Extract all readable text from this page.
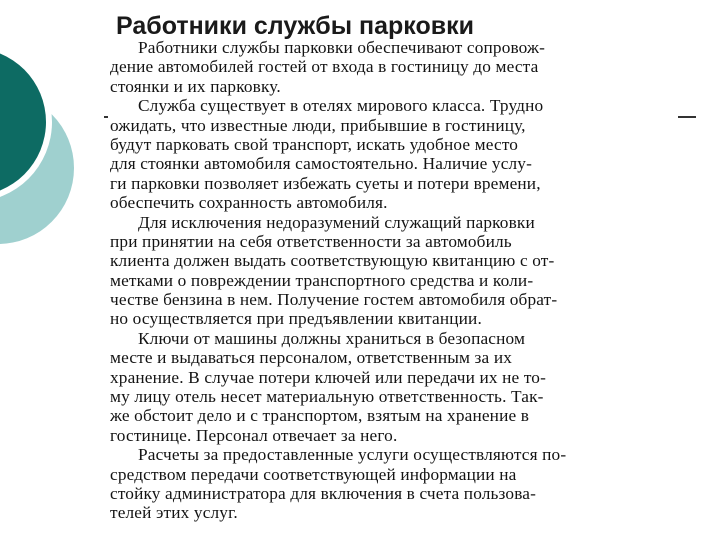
Работники службы парковки
Работники службы парковки обеспечивают сопровож-
дение автомобилей гостей от входа в гостиницу до места
стоянки и их парковку.
Служба существует в отелях мирового класса. Трудно
ожидать, что известные люди, прибывшие в гостиницу,
будут парковать свой транспорт, искать удобное место
для стоянки автомобиля самостоятельно. Наличие услу-
ги парковки позволяет избежать суеты и потери времени,
обеспечить сохранность автомобиля.
Для исключения недоразумений служащий парковки
при принятии на себя ответственности за автомобиль
клиента должен выдать соответствующую квитанцию с от-
метками о повреждении транспортного средства и коли-
честве бензина в нем. Получение гостем автомобиля обрат-
но осуществляется при предъявлении квитанции.
Ключи от машины должны храниться в безопасном
месте и выдаваться персоналом, ответственным за их
хранение. В случае потери ключей или передачи их не то-
му лицу отель несет материальную ответственность. Так-
же обстоит дело и с транспортом, взятым на хранение в
гостинице. Персонал отвечает за него.
Расчеты за предоставленные услуги осуществляются по-
средством передачи соответствующей информации на
стойку администратора для включения в счета пользова-
телей этих услуг.
